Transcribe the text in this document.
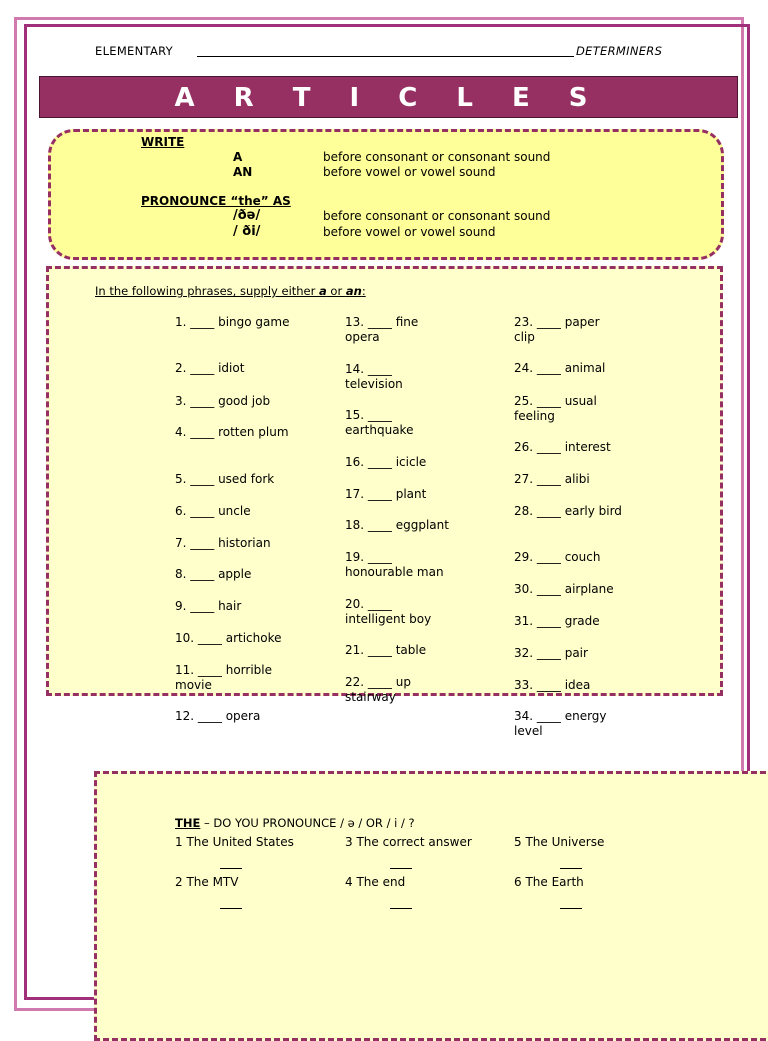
ELEMENTARY	DETERMINERS
A R T I C L E S
WRITE
A	before consonant or consonant sound
AN	before vowel or vowel sound
PRONOUNCE “the” AS
/ðə/	before consonant or consonant sound
/ ði/	before vowel or vowel sound
In the following phrases, supply either a or an:
1. ____ bingo game
2. ____ idiot
3. ____ good job
4. ____ rotten plum
5. ____ used fork
6. ____ uncle
7. ____ historian
8. ____ apple
9. ____ hair
10. ____ artichoke
11. ____ horrible movie
12. ____ opera
13. ____ fine opera
14. ____ television
15. ____ earthquake
16. ____ icicle
17. ____ plant
18. ____ eggplant
19. ____ honourable man
20. ____ intelligent boy
21. ____ table
22. ____ up stairway
23. ____ paper clip
24. ____ animal
25. ____ usual feeling
26. ____ interest
27. ____ alibi
28. ____ early bird
29. ____ couch
30. ____ airplane
31. ____ grade
32. ____ pair
33. ____ idea
34. ____ energy level
THE – DO YOU PRONOUNCE / ə / OR / i / ?
1 The United States	3 The correct answer	5 The Universe
2 The MTV	4 The end	6 The Earth
